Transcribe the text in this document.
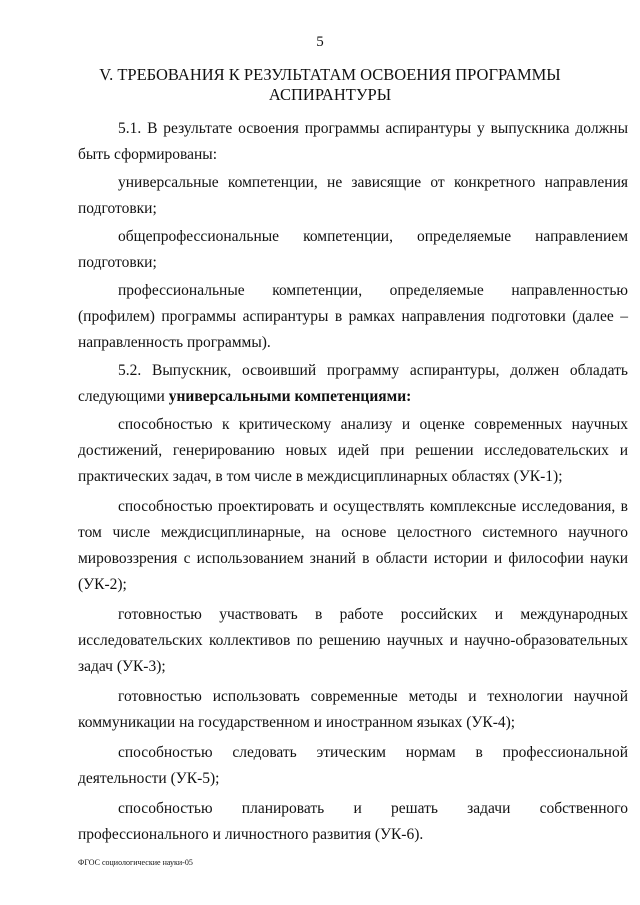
5
V. ТРЕБОВАНИЯ К РЕЗУЛЬТАТАМ ОСВОЕНИЯ ПРОГРАММЫ
АСПИРАНТУРЫ

5.1. В результате освоения программы аспирантуры у выпускника должны быть сформированы:

универсальные компетенции, не зависящие от конкретного направления подготовки;

общепрофессиональные компетенции, определяемые направлением подготовки;

профессиональные компетенции, определяемые направленностью (профилем) программы аспирантуры в рамках направления подготовки (далее – направленность программы).

5.2. Выпускник, освоивший программу аспирантуры, должен обладать следующими универсальными компетенциями:

способностью к критическому анализу и оценке современных научных достижений, генерированию новых идей при решении исследовательских и практических задач, в том числе в междисциплинарных областях (УК-1);

способностью проектировать и осуществлять комплексные исследования, в том числе междисциплинарные, на основе целостного системного научного мировоззрения с использованием знаний в области истории и философии науки (УК-2);

готовностью участвовать в работе российских и международных исследовательских коллективов по решению научных и научно-образовательных задач (УК-3);

готовностью использовать современные методы и технологии научной коммуникации на государственном и иностранном языках (УК-4);

способностью следовать этическим нормам в профессиональной деятельности (УК-5);

способностью планировать и решать задачи собственного профессионального и личностного развития (УК-6).

ФГОС социологические науки-05
